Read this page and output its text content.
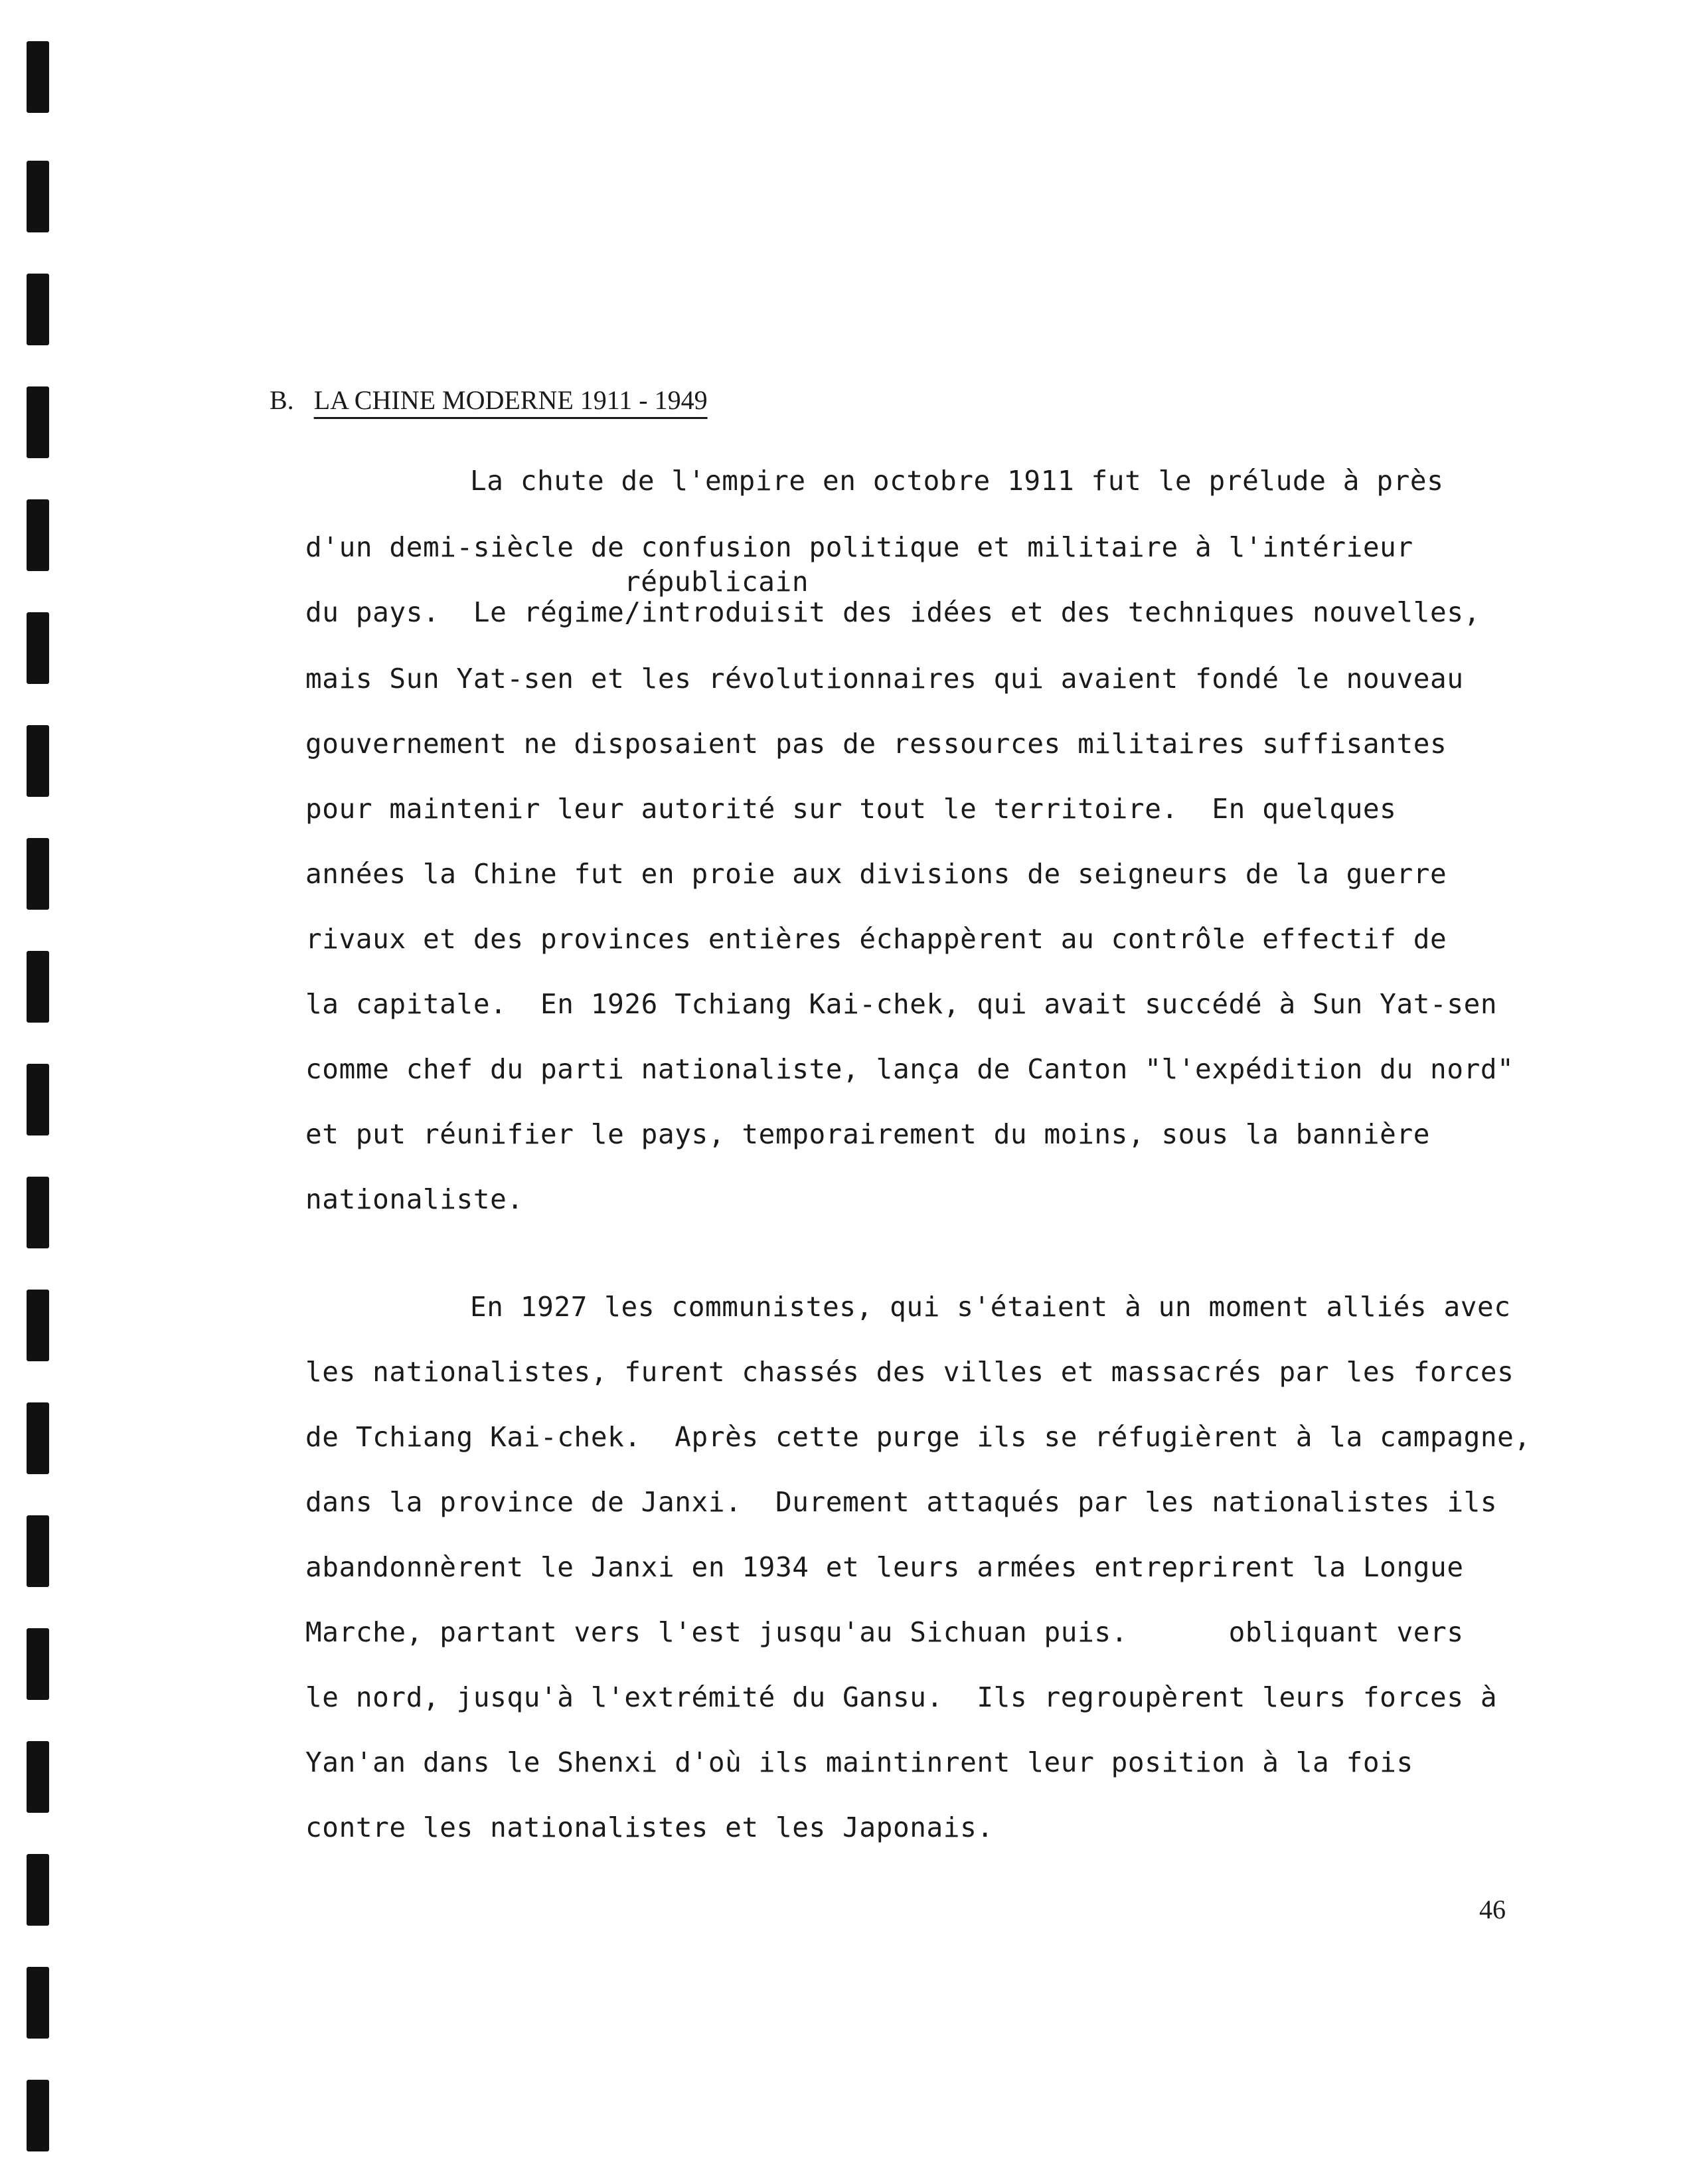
B. LA CHINE MODERNE 1911 - 1949

La chute de l'empire en octobre 1911 fut le prélude à près
d'un demi-siècle de confusion politique et militaire à l'intérieur
républicain
du pays.  Le régime/introduisit des idées et des techniques nouvelles,
mais Sun Yat-sen et les révolutionnaires qui avaient fondé le nouveau
gouvernement ne disposaient pas de ressources militaires suffisantes
pour maintenir leur autorité sur tout le territoire.  En quelques
années la Chine fut en proie aux divisions de seigneurs de la guerre
rivaux et des provinces entières échappèrent au contrôle effectif de
la capitale.  En 1926 Tchiang Kai-chek, qui avait succédé à Sun Yat-sen
comme chef du parti nationaliste, lança de Canton "l'expédition du nord"
et put réunifier le pays, temporairement du moins, sous la bannière
nationaliste.
En 1927 les communistes, qui s'étaient à un moment alliés avec
les nationalistes, furent chassés des villes et massacrés par les forces
de Tchiang Kai-chek.  Après cette purge ils se réfugièrent à la campagne,
dans la province de Janxi.  Durement attaqués par les nationalistes ils
abandonnèrent le Janxi en 1934 et leurs armées entreprirent la Longue
Marche, partant vers l'est jusqu'au Sichuan puis.      obliquant vers
le nord, jusqu'à l'extrémité du Gansu.  Ils regroupèrent leurs forces à
Yan'an dans le Shenxi d'où ils maintinrent leur position à la fois
contre les nationalistes et les Japonais.
46
